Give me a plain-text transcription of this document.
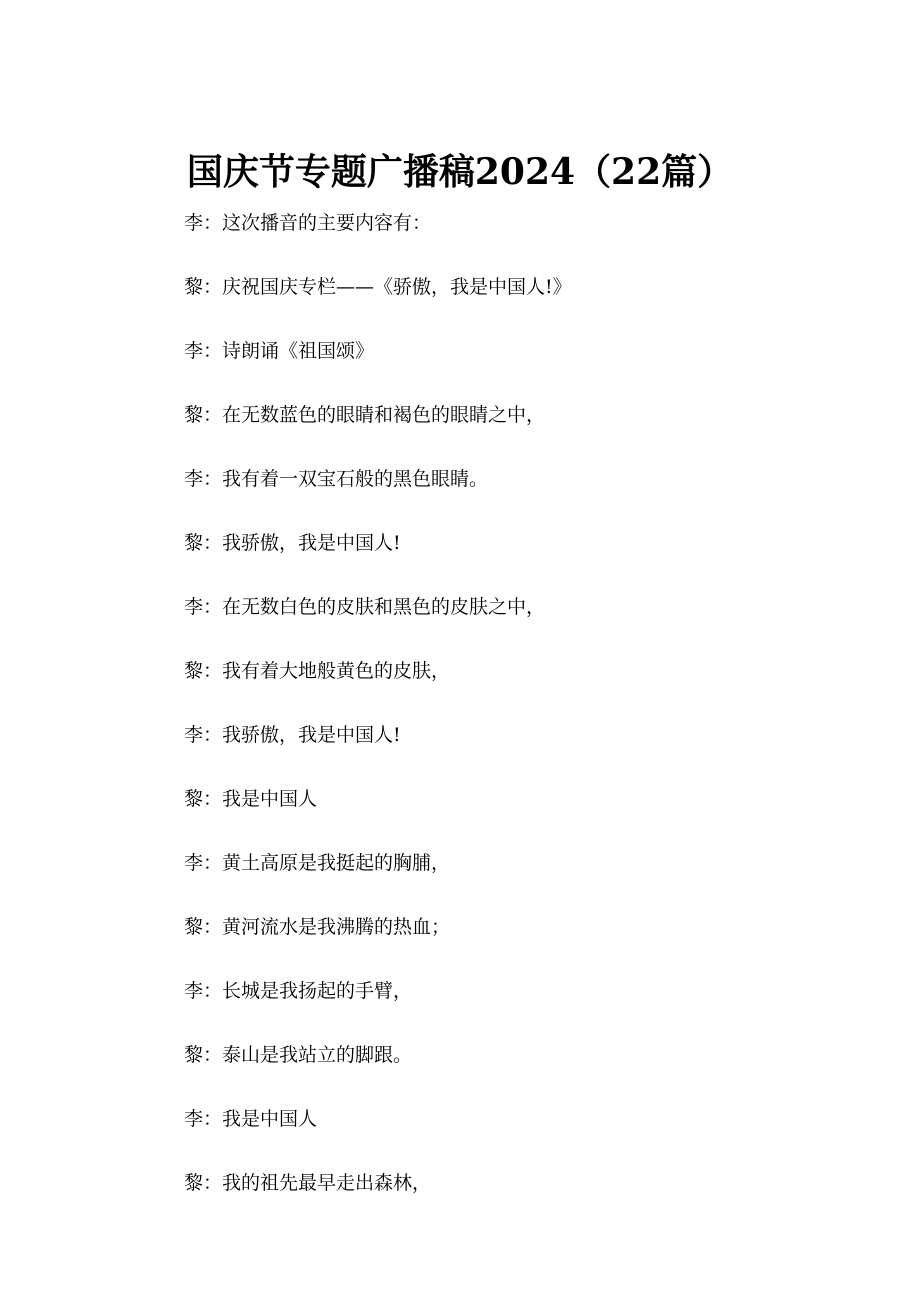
国庆节专题广播稿2024（22篇）
李：这次播音的主要内容有：
黎：庆祝国庆专栏——《骄傲，我是中国人!》
李：诗朗诵《祖国颂》
黎：在无数蓝色的眼睛和褐色的眼睛之中，
李：我有着一双宝石般的黑色眼睛。
黎：我骄傲，我是中国人!
李：在无数白色的皮肤和黑色的皮肤之中，
黎：我有着大地般黄色的皮肤，
李：我骄傲，我是中国人!
黎：我是中国人
李：黄土高原是我挺起的胸脯，
黎：黄河流水是我沸腾的热血；
李：长城是我扬起的手臂，
黎：泰山是我站立的脚跟。
李：我是中国人
黎：我的祖先最早走出森林，
